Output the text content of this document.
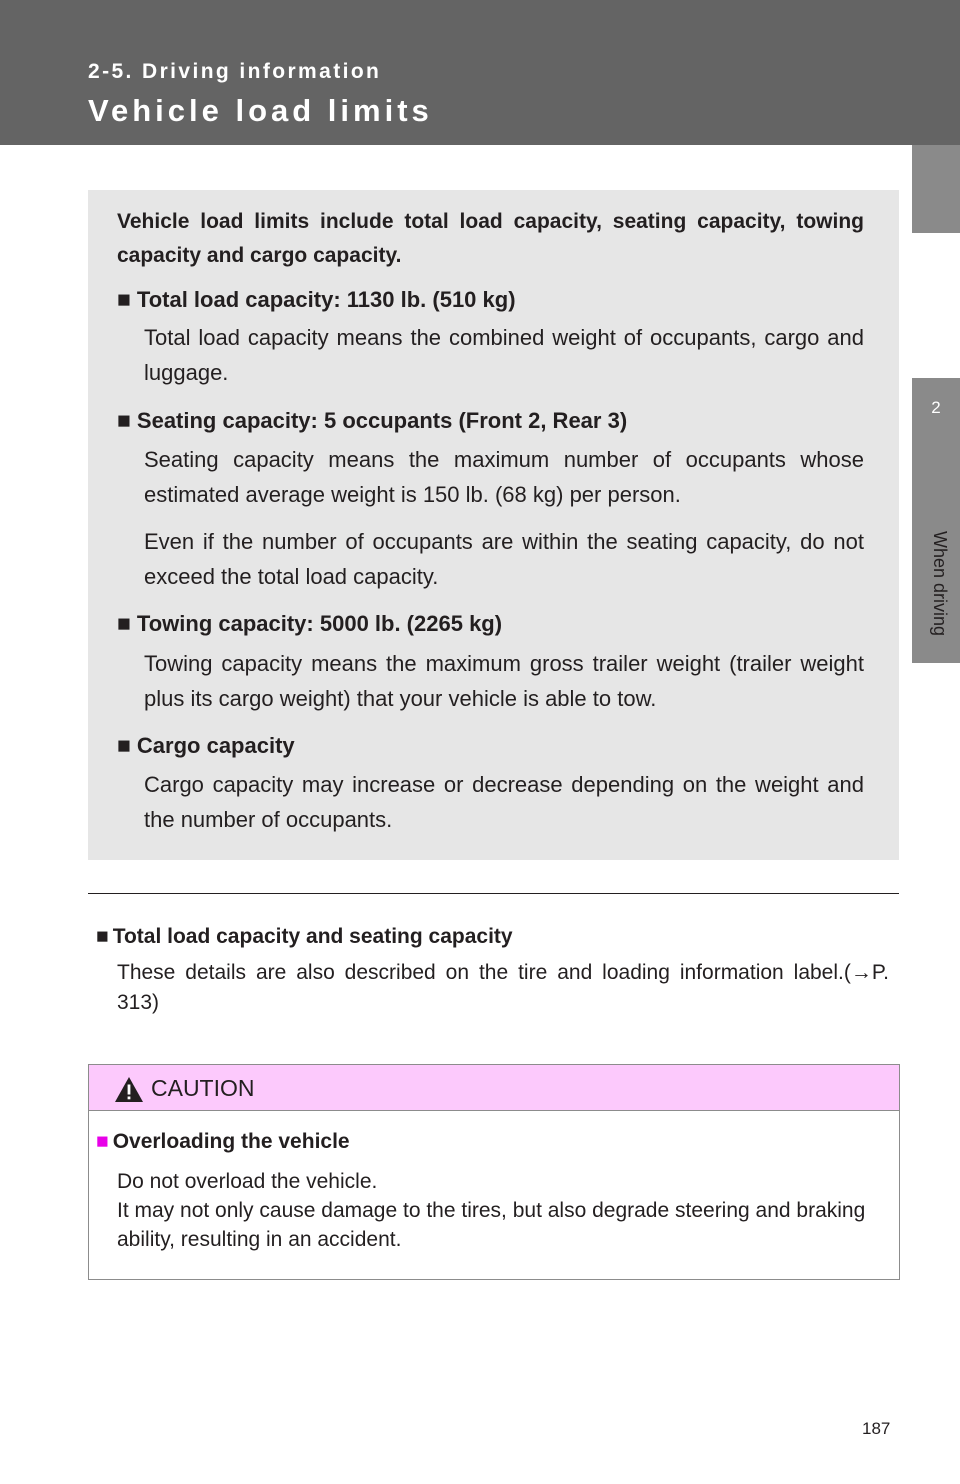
2-5. Driving information
Vehicle load limits
2
When driving
Vehicle load limits include total load capacity, seating capacity, towing capacity and cargo capacity.
■ Total load capacity: 1130 lb. (510 kg)
Total load capacity means the combined weight of occupants, cargo and luggage.
■ Seating capacity: 5 occupants (Front 2, Rear 3)
Seating capacity means the maximum number of occupants whose estimated average weight is 150 lb. (68 kg) per person.
Even if the number of occupants are within the seating capacity, do not exceed the total load capacity.
■ Towing capacity: 5000 lb. (2265 kg)
Towing capacity means the maximum gross trailer weight (trailer weight plus its cargo weight) that your vehicle is able to tow.
■ Cargo capacity
Cargo capacity may increase or decrease depending on the weight and the number of occupants.
■ Total load capacity and seating capacity
These details are also described on the tire and loading information label.(→P. 313)
CAUTION
■ Overloading the vehicle
Do not overload the vehicle.
It may not only cause damage to the tires, but also degrade steering and braking ability, resulting in an accident.
187
